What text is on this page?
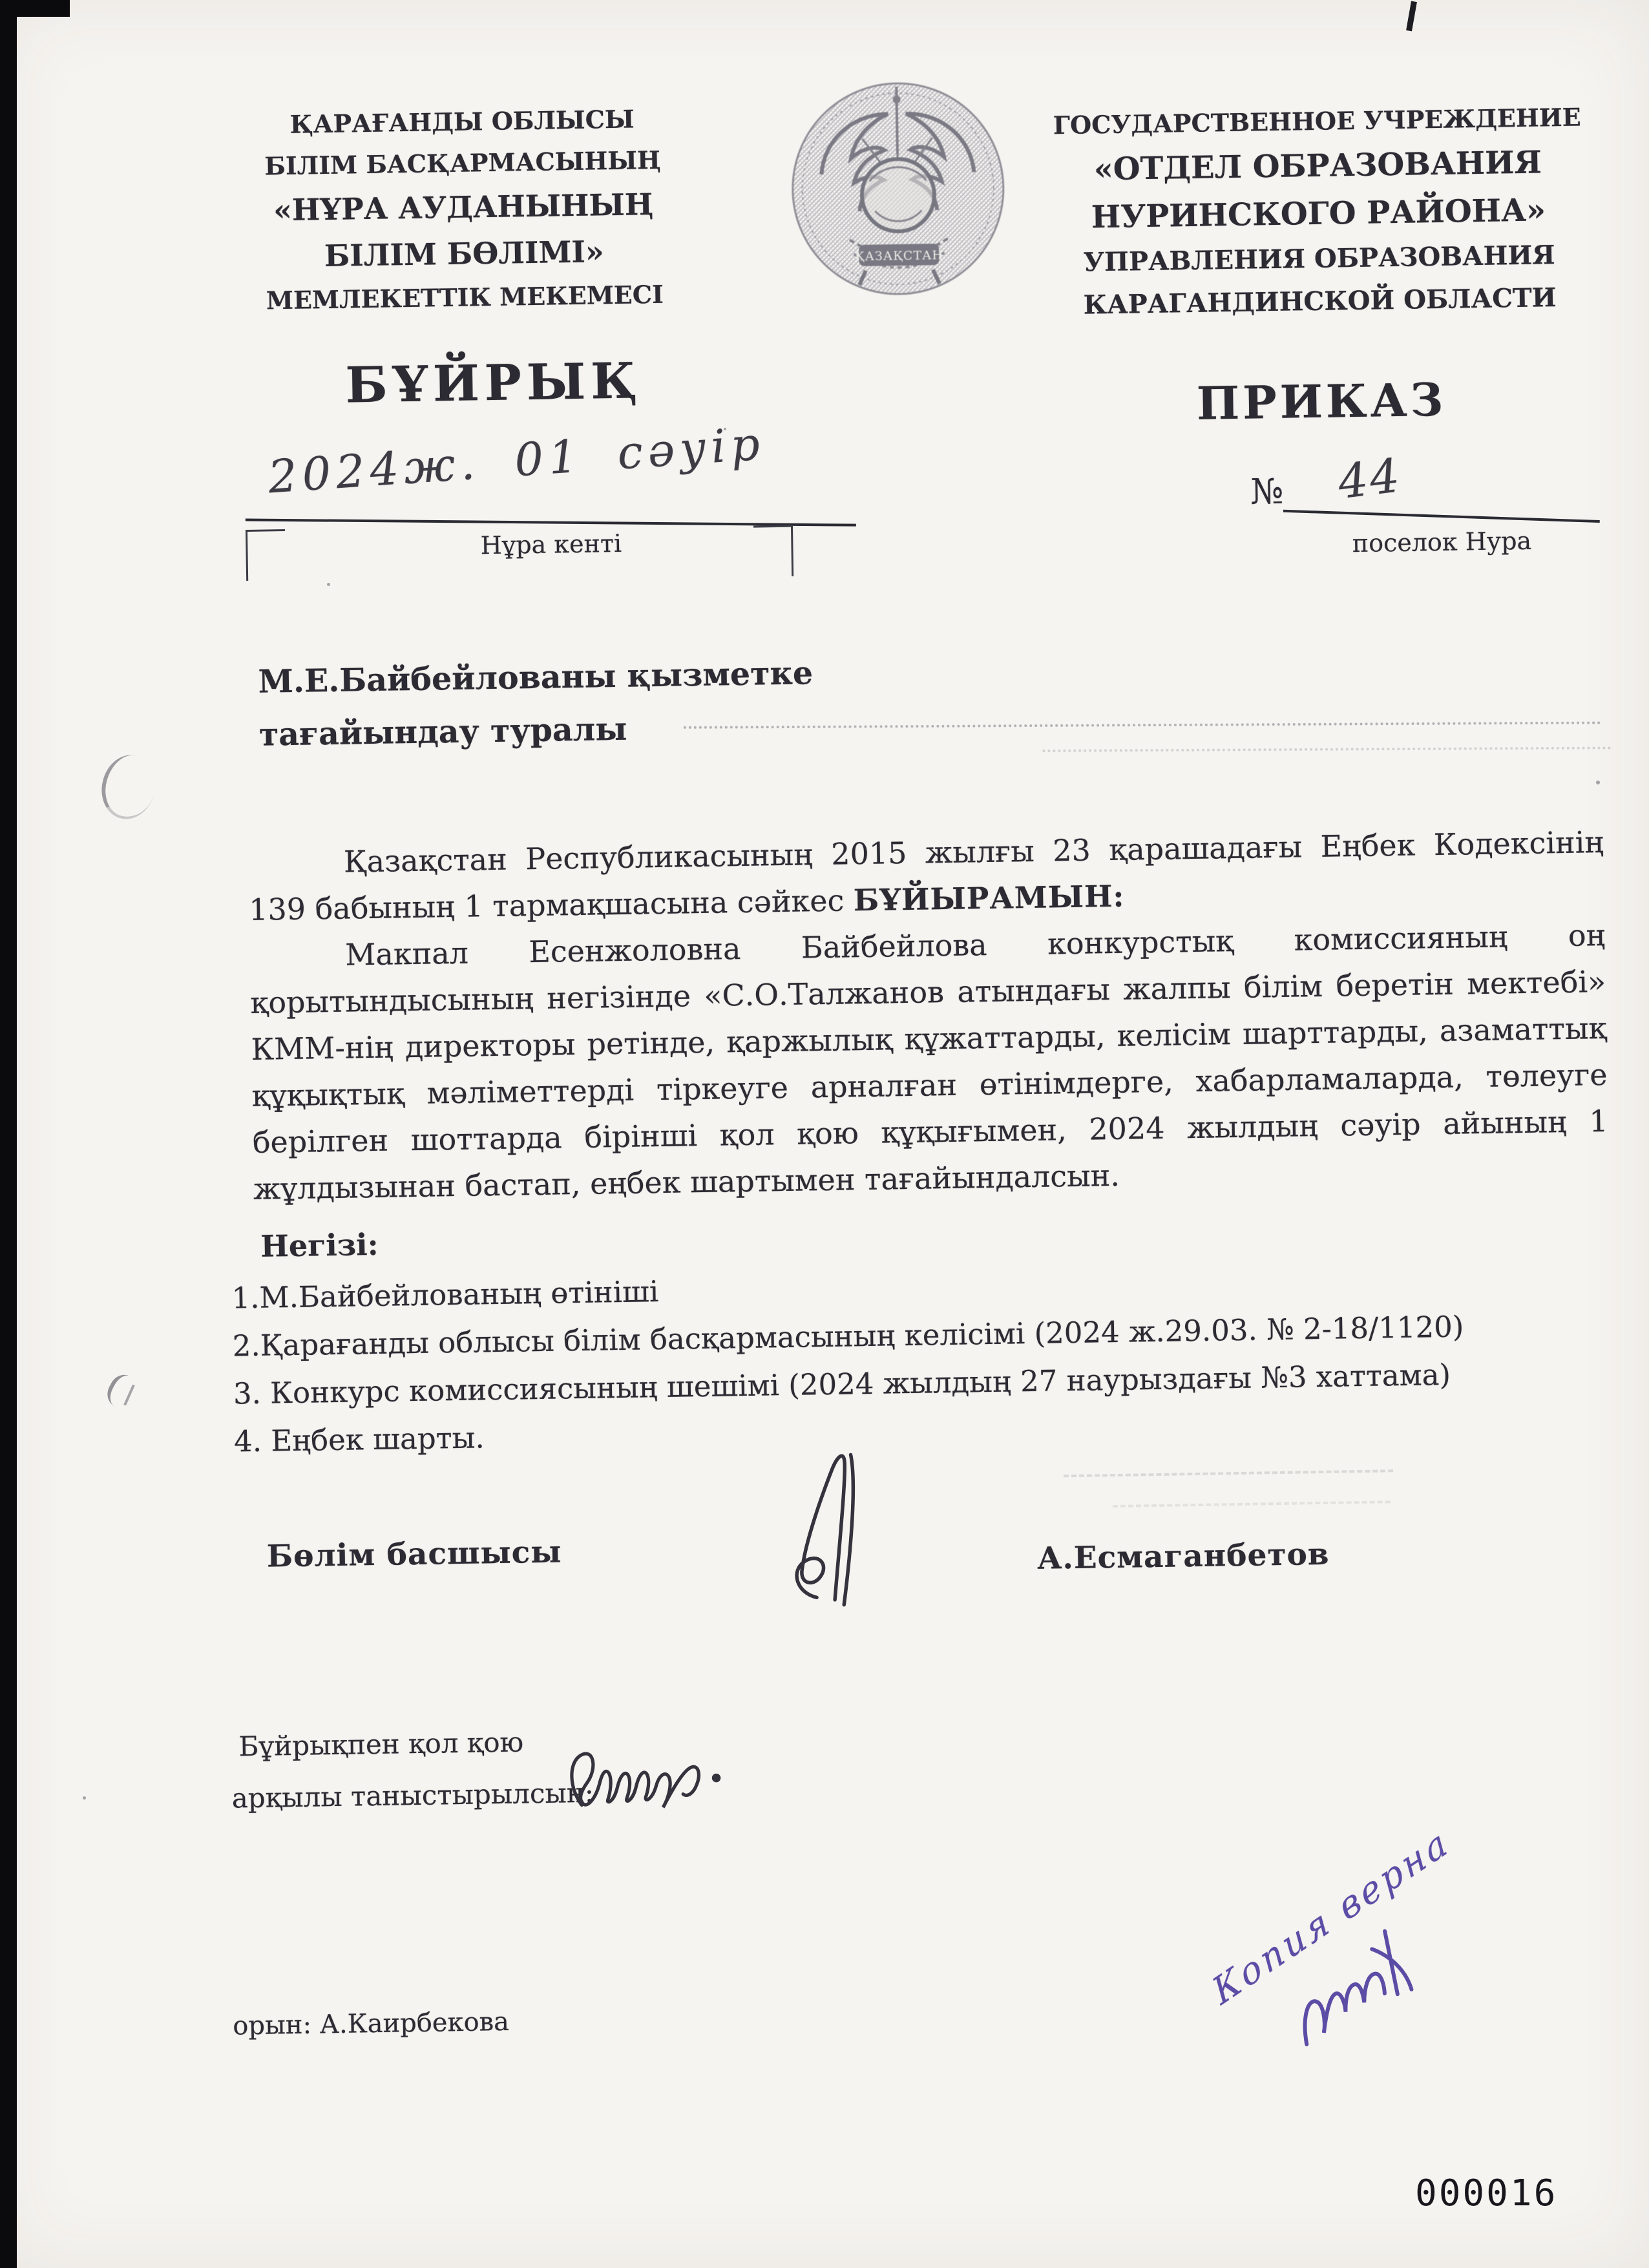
ҚАРАҒАНДЫ ОБЛЫСЫ
БІЛІМ БАСҚАРМАСЫНЫҢ
«НҰРА АУДАНЫНЫҢ
БІЛІМ БӨЛІМІ»
МЕМЛЕКЕТТІК МЕКЕМЕСІ
ҚАЗАҚСТАН
ГОСУДАРСТВЕННОЕ УЧРЕЖДЕНИЕ
«ОТДЕЛ ОБРАЗОВАНИЯ
НУРИНСКОГО РАЙОНА»
УПРАВЛЕНИЯ ОБРАЗОВАНИЯ
КАРАГАНДИНСКОЙ ОБЛАСТИ
БҰЙРЫҚ	ПРИКАЗ
2024ж. 01 сәуір
Нұра кенті
№ 44
поселок Нура
М.Е.Байбейлованы қызметке
тағайындау туралы

Қазақстан Республикасының 2015 жылғы 23 қарашадағы Еңбек Кодексінің 139 бабының 1 тармақшасына сәйкес БҰЙЫРАМЫН:

Макпал Есенжоловна Байбейлова конкурстық комиссияның оң қорытындысының негізінде «С.О.Талжанов атындағы жалпы білім беретін мектебі» КММ-нің директоры ретінде, қаржылық құжаттарды, келісім шарттарды, азаматтық құқықтық мәліметтерді тіркеуге арналған өтінімдерге, хабарламаларда, төлеуге берілген шоттарда бірінші қол қою құқығымен, 2024 жылдың сәуір айының 1 жұлдызынан бастап, еңбек шартымен тағайындалсын.

Негізі:
1.М.Байбейлованың өтініші
2.Қарағанды облысы білім басқармасының келісімі (2024 ж.29.03. № 2-18/1120)
3. Конкурс комиссиясының шешімі (2024 жылдың 27 наурыздағы №3 хаттама)
4. Еңбек шарты.
Бөлім басшысы	А.Есмаганбетов
Бұйрықпен қол қою
арқылы таныстырылсын:
Копия верна
орын: А.Каирбекова
000016
